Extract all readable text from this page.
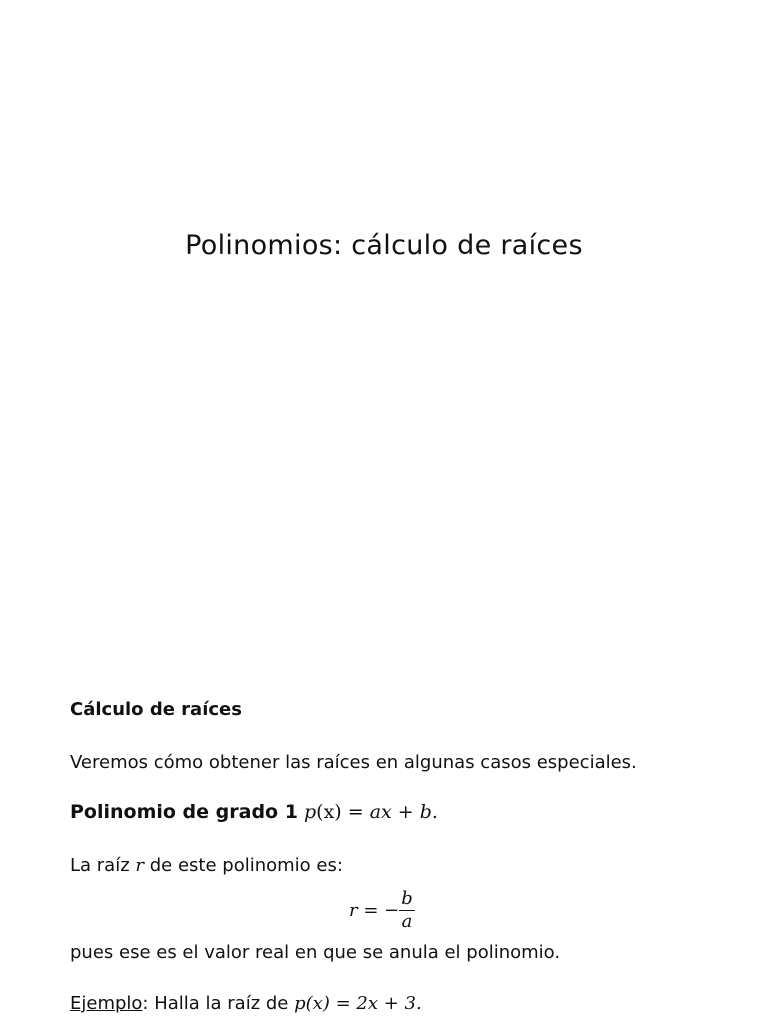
Polinomios: cálculo de raíces
Cálculo de raíces
Veremos cómo obtener las raíces en algunas casos especiales.
Polinomio de grado 1 p(x) = ax + b.
La raíz r de este polinomio es:
r = − $\frac{b}{a}$
pues ese es el valor real en que se anula el polinomio.
Ejemplo: Halla la raíz de p(x) = 2x + 3.
